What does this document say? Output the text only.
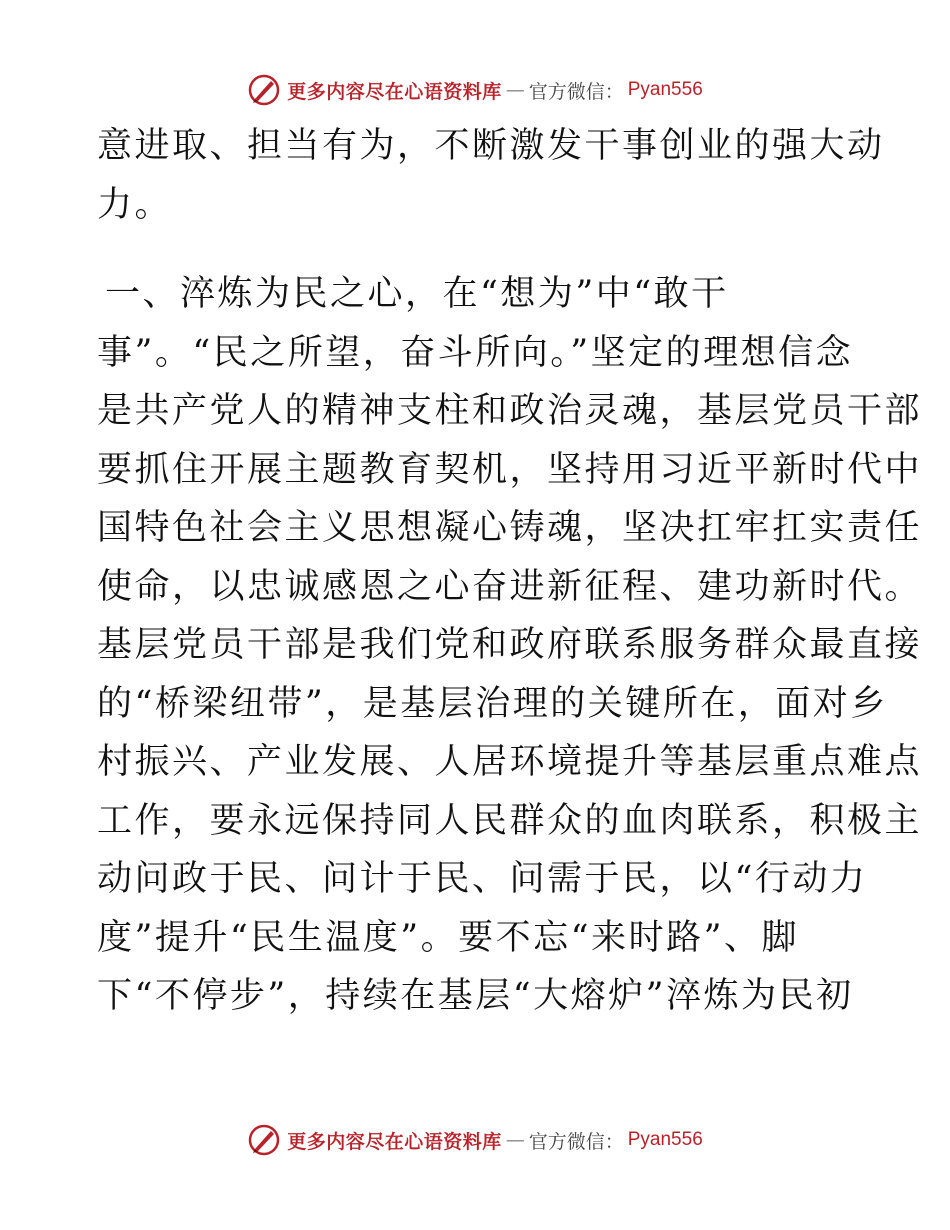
更多内容尽在心语资料库 — 官方微信： Pyan556
意进取、担当有为，不断激发干事创业的强大动
力。
一、淬炼为民之心，在“想为”中“敢干
事”。“民之所望，奋斗所向。”坚定的理想信念
是共产党人的精神支柱和政治灵魂，基层党员干部
要抓住开展主题教育契机，坚持用习近平新时代中
国特色社会主义思想凝心铸魂，坚决扛牢扛实责任
使命，以忠诚感恩之心奋进新征程、建功新时代。
基层党员干部是我们党和政府联系服务群众最直接
的“桥梁纽带”，是基层治理的关键所在，面对乡
村振兴、产业发展、人居环境提升等基层重点难点
工作，要永远保持同人民群众的血肉联系，积极主
动问政于民、问计于民、问需于民，以“行动力
度”提升“民生温度”。要不忘“来时路”、脚
下“不停步”，持续在基层“大熔炉”淬炼为民初
更多内容尽在心语资料库 — 官方微信： Pyan556
